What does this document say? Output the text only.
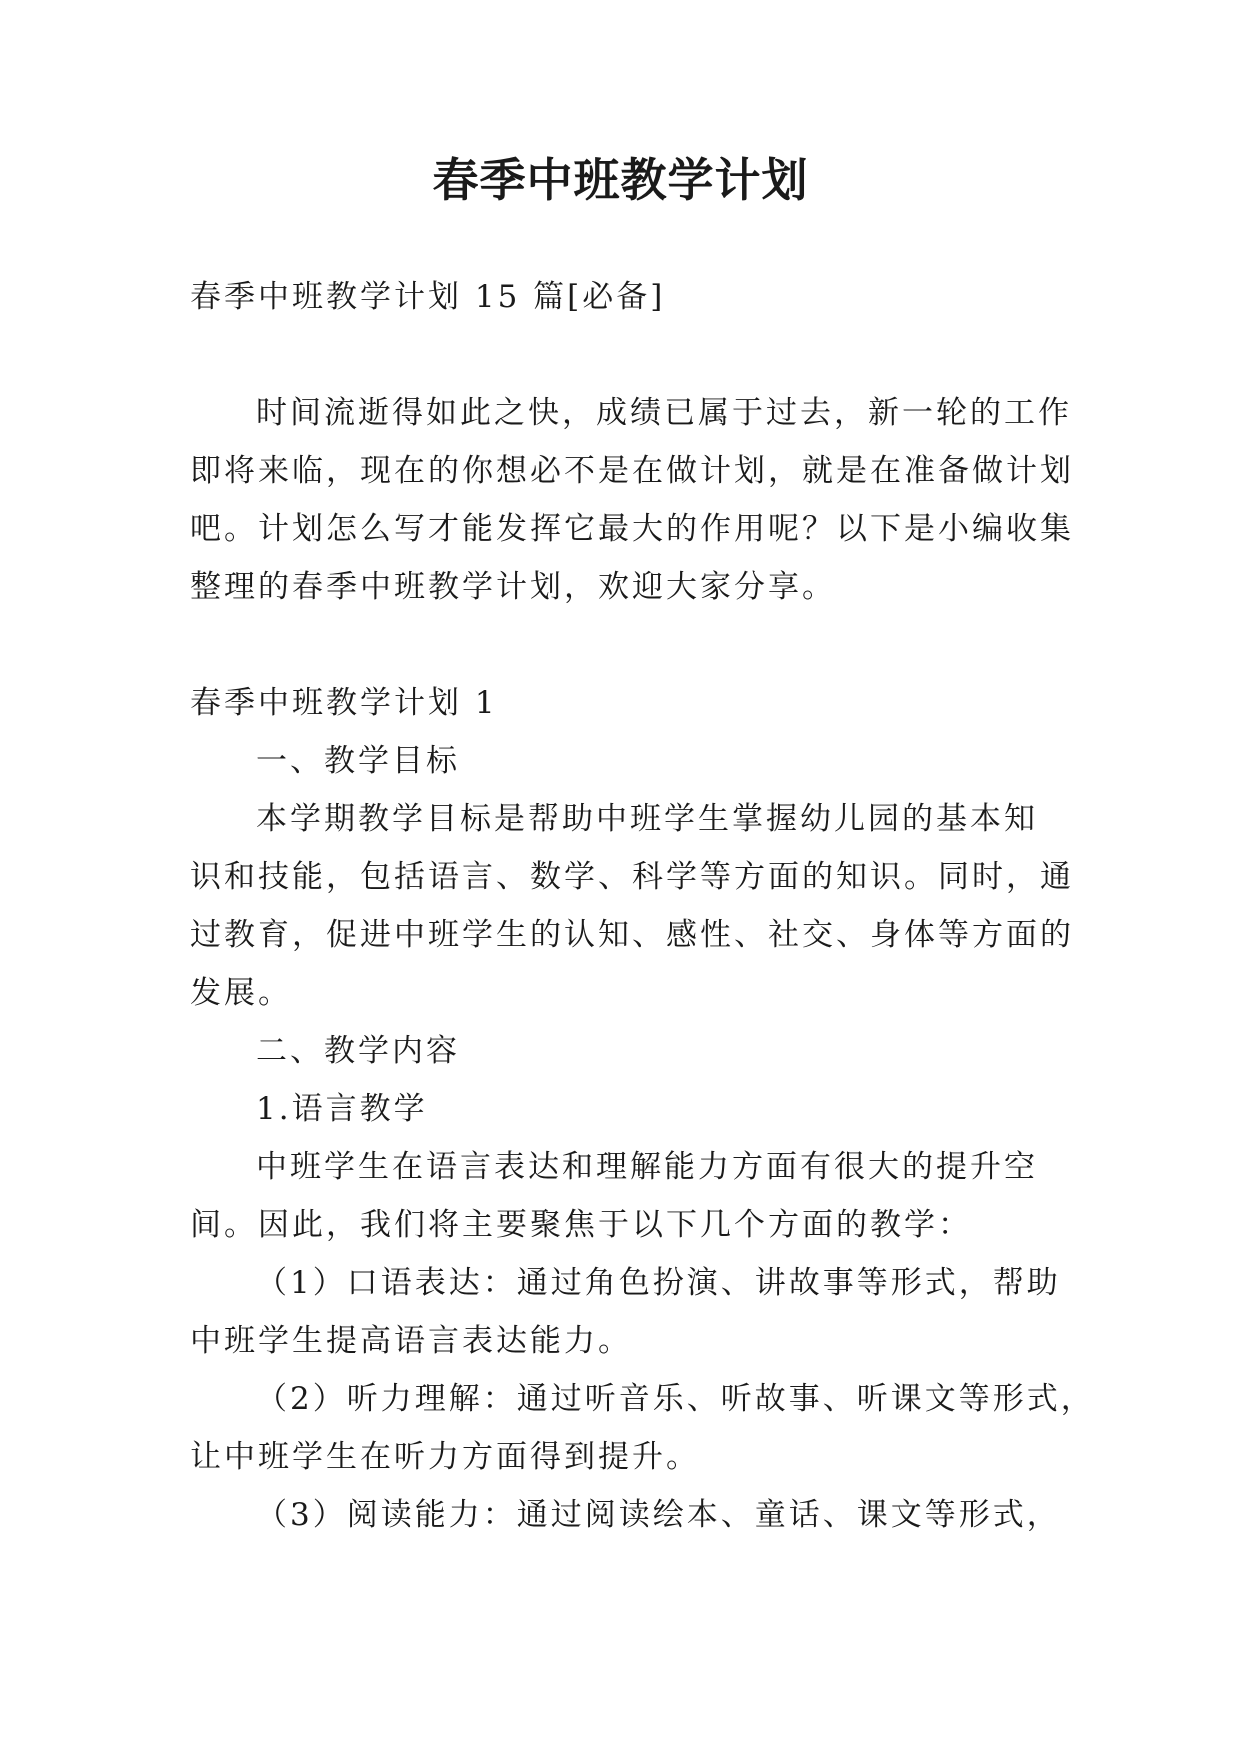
春季中班教学计划
春季中班教学计划 15 篇[必备]
时间流逝得如此之快，成绩已属于过去，新一轮的工作
即将来临，现在的你想必不是在做计划，就是在准备做计划
吧。计划怎么写才能发挥它最大的作用呢？以下是小编收集
整理的春季中班教学计划，欢迎大家分享。
春季中班教学计划 1
一、教学目标
本学期教学目标是帮助中班学生掌握幼儿园的基本知
识和技能，包括语言、数学、科学等方面的知识。同时，通
过教育，促进中班学生的认知、感性、社交、身体等方面的
发展。
二、教学内容
1.语言教学
中班学生在语言表达和理解能力方面有很大的提升空
间。因此，我们将主要聚焦于以下几个方面的教学：
（1）口语表达：通过角色扮演、讲故事等形式，帮助
中班学生提高语言表达能力。
（2）听力理解：通过听音乐、听故事、听课文等形式，
让中班学生在听力方面得到提升。
（3）阅读能力：通过阅读绘本、童话、课文等形式，
